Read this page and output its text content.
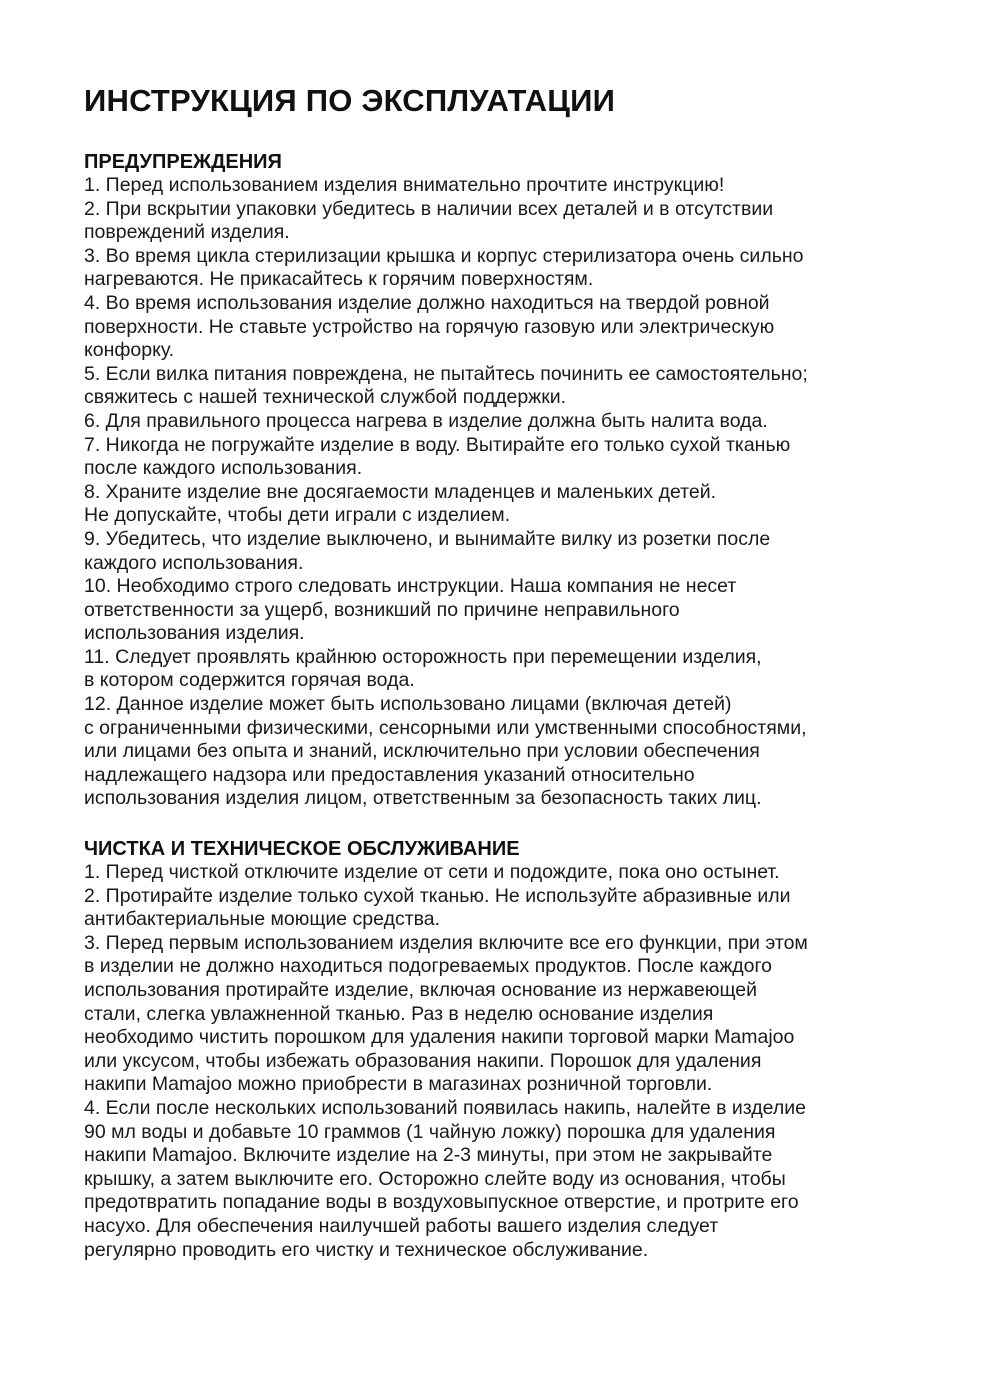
ИНСТРУКЦИЯ ПО ЭКСПЛУАТАЦИИ
ПРЕДУПРЕЖДЕНИЯ

1. Перед использованием изделия внимательно прочтите инструкцию!

2. При вскрытии упаковки убедитесь в наличии всех деталей и в отсутствии
повреждений изделия.

3. Во время цикла стерилизации крышка и корпус стерилизатора очень сильно
нагреваются. Не прикасайтесь к горячим поверхностям.

4. Во время использования изделие должно находиться на твердой ровной
поверхности. Не ставьте устройство на горячую газовую или электрическую
конфорку.

5. Если вилка питания повреждена, не пытайтесь починить ее самостоятельно;
свяжитесь с нашей технической службой поддержки.

6. Для правильного процесса нагрева в изделие должна быть налита вода.

7. Никогда не погружайте изделие в воду. Вытирайте его только сухой тканью
после каждого использования.

8. Храните изделие вне досягаемости младенцев и маленьких детей.
Не допускайте, чтобы дети играли с изделием.

9. Убедитесь, что изделие выключено, и вынимайте вилку из розетки после
каждого использования.

10. Необходимо строго следовать инструкции. Наша компания не несет
ответственности за ущерб, возникший по причине неправильного
использования изделия.

11. Следует проявлять крайнюю осторожность при перемещении изделия,
в котором содержится горячая вода.

12. Данное изделие может быть использовано лицами (включая детей)
с ограниченными физическими, сенсорными или умственными способностями,
или лицами без опыта и знаний, исключительно при условии обеспечения
надлежащего надзора или предоставления указаний относительно
использования изделия лицом, ответственным за безопасность таких лиц.

ЧИСТКА И ТЕХНИЧЕСКОЕ ОБСЛУЖИВАНИЕ

1. Перед чисткой отключите изделие от сети и подождите, пока оно остынет.

2. Протирайте изделие только сухой тканью. Не используйте абразивные или
антибактериальные моющие средства.

3. Перед первым использованием изделия включите все его функции, при этом
в изделии не должно находиться подогреваемых продуктов. После каждого
использования протирайте изделие, включая основание из нержавеющей
стали, слегка увлажненной тканью. Раз в неделю основание изделия
необходимо чистить порошком для удаления накипи торговой марки Mamajoo
или уксусом, чтобы избежать образования накипи. Порошок для удаления
накипи Mamajoo можно приобрести в магазинах розничной торговли.

4. Если после нескольких использований появилась накипь, налейте в изделие
90 мл воды и добавьте 10 граммов (1 чайную ложку) порошка для удаления
накипи Mamajoo. Включите изделие на 2-3 минуты, при этом не закрывайте
крышку, а затем выключите его. Осторожно слейте воду из основания, чтобы
предотвратить попадание воды в воздуховыпускное отверстие, и протрите его
насухо. Для обеспечения наилучшей работы вашего изделия следует
регулярно проводить его чистку и техническое обслуживание.
